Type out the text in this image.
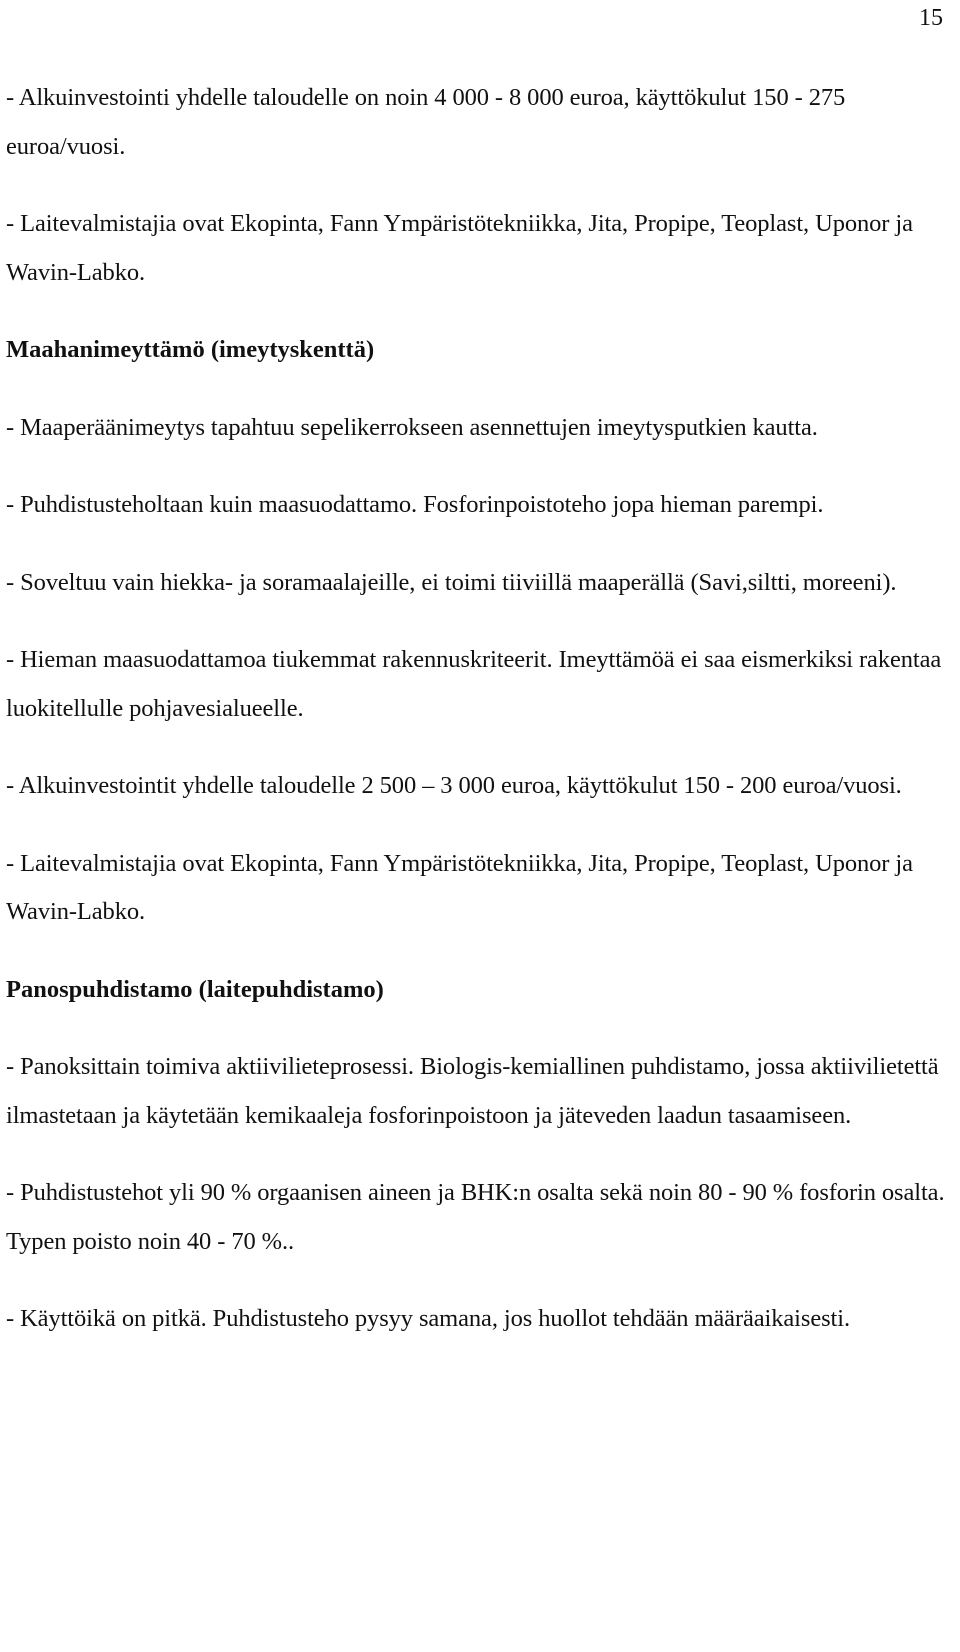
15

- Alkuinvestointi yhdelle taloudelle on noin 4 000 - 8 000 euroa, käyttökulut 150 - 275 euroa/vuosi.

- Laitevalmistajia ovat Ekopinta, Fann Ympäristötekniikka, Jita, Propipe, Teoplast, Uponor ja Wavin-Labko.

Maahanimeyttämö (imeytyskenttä)

- Maaperäänimeytys tapahtuu sepelikerrokseen asennettujen imeytysputkien kautta.

- Puhdistusteholtaan kuin maasuodattamo. Fosforinpoistoteho jopa hieman parempi.

- Soveltuu vain hiekka- ja soramaalajeille, ei toimi tiiviillä maaperällä (Savi,siltti, moreeni).

- Hieman maasuodattamoa tiukemmat rakennuskriteerit. Imeyttämöä ei saa eismerkiksi rakentaa luokitellulle pohjavesialueelle.

- Alkuinvestointit yhdelle taloudelle 2 500 – 3 000 euroa, käyttökulut 150 - 200 euroa/vuosi.

- Laitevalmistajia ovat Ekopinta, Fann Ympäristötekniikka, Jita, Propipe, Teoplast, Uponor ja Wavin-Labko.

Panospuhdistamo (laitepuhdistamo)

- Panoksittain toimiva aktiivilieteprosessi. Biologis-kemiallinen puhdistamo, jossa aktiivilietettä ilmastetaan ja käytetään kemikaaleja fosforinpoistoon ja jäteveden laadun tasaamiseen.

- Puhdistustehot yli 90 % orgaanisen aineen ja BHK:n osalta sekä noin 80 - 90 % fosforin osalta. Typen poisto noin 40 - 70 %..

- Käyttöikä on pitkä. Puhdistusteho pysyy samana, jos huollot tehdään määräaikaisesti.
